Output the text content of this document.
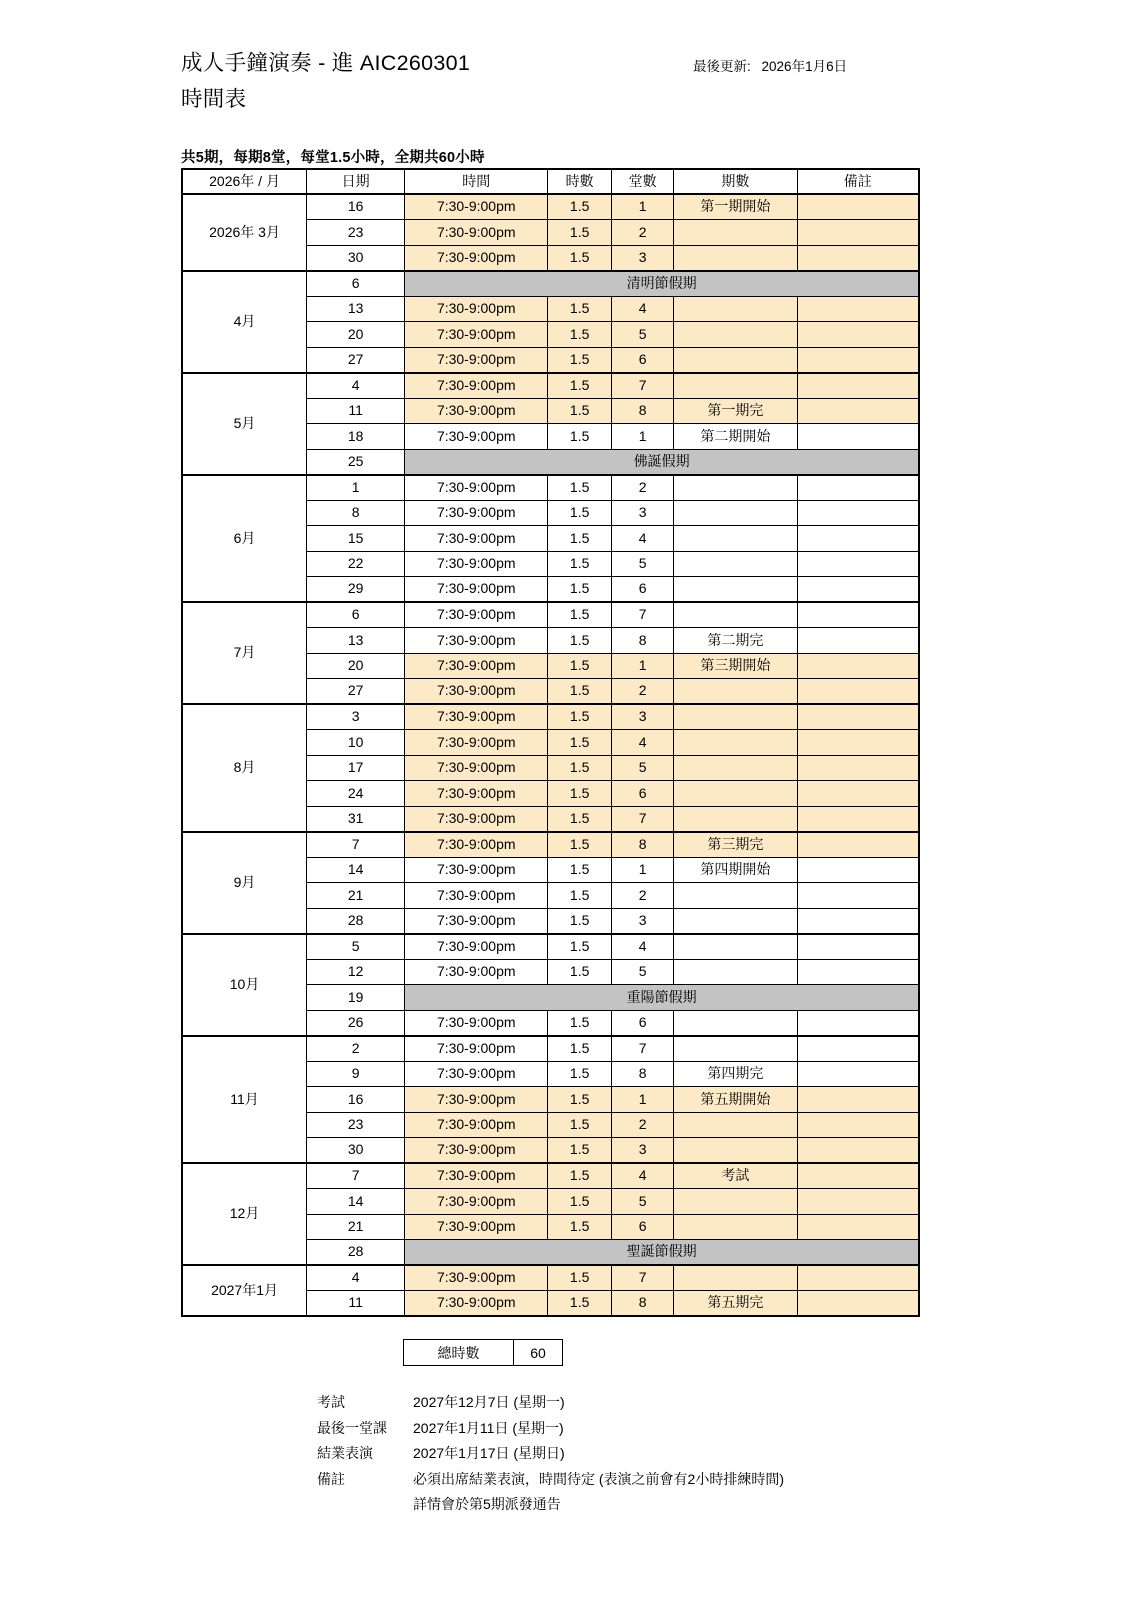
成人手鐘演奏 - 進 AIC260301
時間表
最後更新: 2026年1月6日
共5期，每期8堂，每堂1.5小時，全期共60小時
2026年 / 月	日期	時間	時數	堂數	期數	備註
2026年 3月	16	7:30-9:00pm	1.5	1	第一期開始	
	23	7:30-9:00pm	1.5	2		
	30	7:30-9:00pm	1.5	3		
4月	6	清明節假期				
	13	7:30-9:00pm	1.5	4		
	20	7:30-9:00pm	1.5	5		
	27	7:30-9:00pm	1.5	6		
5月	4	7:30-9:00pm	1.5	7		
	11	7:30-9:00pm	1.5	8	第一期完	
	18	7:30-9:00pm	1.5	1	第二期開始	
	25	佛誕假期				
6月	1	7:30-9:00pm	1.5	2		
	8	7:30-9:00pm	1.5	3		
	15	7:30-9:00pm	1.5	4		
	22	7:30-9:00pm	1.5	5		
	29	7:30-9:00pm	1.5	6		
7月	6	7:30-9:00pm	1.5	7		
	13	7:30-9:00pm	1.5	8	第二期完	
	20	7:30-9:00pm	1.5	1	第三期開始	
	27	7:30-9:00pm	1.5	2		
8月	3	7:30-9:00pm	1.5	3		
	10	7:30-9:00pm	1.5	4		
	17	7:30-9:00pm	1.5	5		
	24	7:30-9:00pm	1.5	6		
	31	7:30-9:00pm	1.5	7		
9月	7	7:30-9:00pm	1.5	8	第三期完	
	14	7:30-9:00pm	1.5	1	第四期開始	
	21	7:30-9:00pm	1.5	2		
	28	7:30-9:00pm	1.5	3		
10月	5	7:30-9:00pm	1.5	4		
	12	7:30-9:00pm	1.5	5		
	19	重陽節假期				
	26	7:30-9:00pm	1.5	6		
11月	2	7:30-9:00pm	1.5	7		
	9	7:30-9:00pm	1.5	8	第四期完	
	16	7:30-9:00pm	1.5	1	第五期開始	
	23	7:30-9:00pm	1.5	2		
	30	7:30-9:00pm	1.5	3		
12月	7	7:30-9:00pm	1.5	4	考試	
	14	7:30-9:00pm	1.5	5		
	21	7:30-9:00pm	1.5	6		
	28	聖誕節假期				
2027年1月	4	7:30-9:00pm	1.5	7		
	11	7:30-9:00pm	1.5	8	第五期完	
總時數	60
考試	2027年12月7日 (星期一)
最後一堂課	2027年1月11日 (星期一)
結業表演	2027年1月17日 (星期日)
備註	必須出席結業表演，時間待定 (表演之前會有2小時排練時間)
詳情會於第5期派發通告
